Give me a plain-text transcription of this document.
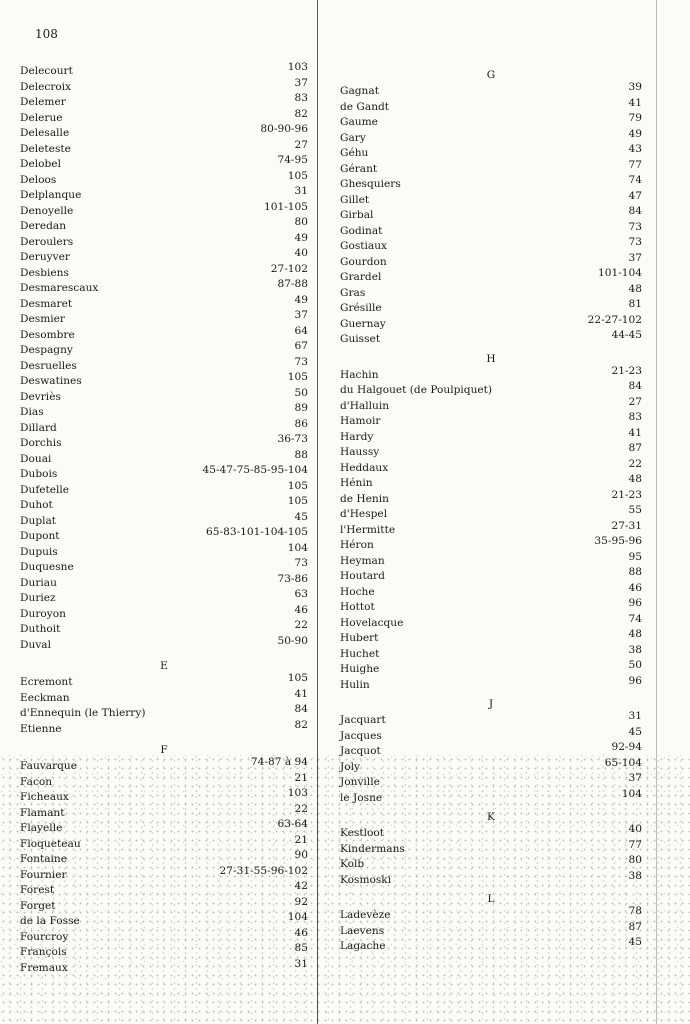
108
Delecourt	103
Delecroix	37
Delemer	83
Delerue	82
Delesalle	80-90-96
Deleteste	27
Delobel	74-95
Deloos	105
Delplanque	31
Denoyelle	101-105
Deredan	80
Deroulers	49
Deruyver	40
Desbiens	27-102
Desmarescaux	87-88
Desmaret	49
Desmier	37
Desombre	64
Despagny	67
Desruelles	73
Deswatines	105
Devriès	50
Dias	89
Dillard	86
Dorchis	36-73
Douai	88
Dubois	45-47-75-85-95-104
Dufetelle	105
Duhot	105
Duplat	45
Dupont	65-83-101-104-105
Dupuis	104
Duquesne	73
Duriau	73-86
Duriez	63
Duroyon	46
Duthoit	22
Duval	50-90
E
Ecremont	105
Eeckman	41
d'Ennequin (le Thierry)	84
Etienne	82
F
Fauvarque	74-87 à 94
Facon	21
Ficheaux	103
Flamant	22
Flayelle	63-64
Floqueteau	21
Fontaine	90
Fournier	27-31-55-96-102
Forest	42
Forget	92
de la Fosse	104
Fourcroy	46
François	85
Fremaux	31
G
Gagnat	39
de Gandt	41
Gaume	79
Gary	49
Géhu	43
Gérant	77
Ghesquiers	74
Gillet	47
Girbal	84
Godinat	73
Gostiaux	73
Gourdon	37
Grardel	101-104
Gras	48
Grésille	81
Guernay	22-27-102
Guisset	44-45
H
Hachin	21-23
du Halgouet (de Poulpiquet)	84
d'Halluin	27
Hamoir	83
Hardy	41
Haussy	87
Heddaux	22
Hénin	48
de Henin	21-23
d'Hespel	55
l'Hermitte	27-31
Héron	35-95-96
Heyman	95
Houtard	88
Hoche	46
Hottot	96
Hovelacque	74
Hubert	48
Huchet	38
Huighe	50
Hulin	96
J
Jacquart	31
Jacques	45
Jacquot	92-94
Joly	65-104
Jonville	37
le Josne	104
K
Kestloot	40
Kindermans	77
Kolb	80
Kosmoski	38
L
Ladevèze	78
Laevens	87
Lagache	45
